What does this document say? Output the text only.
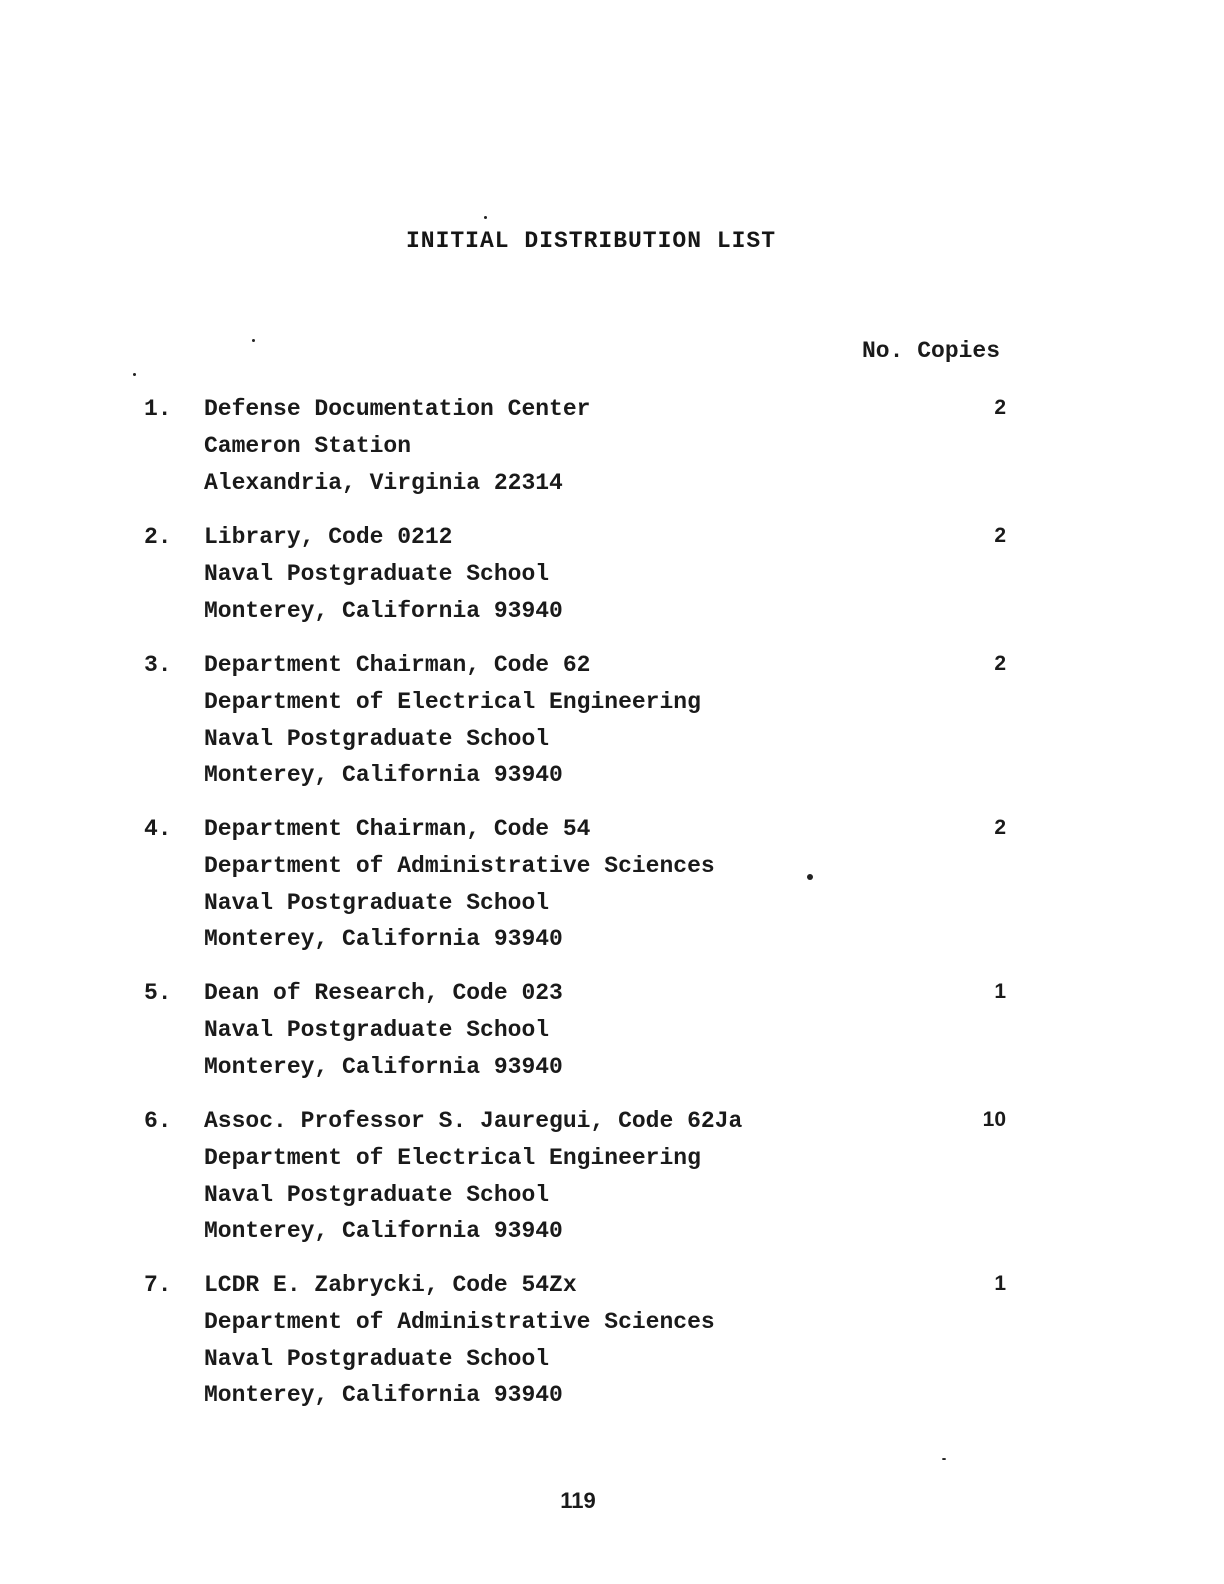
INITIAL DISTRIBUTION LIST
No. Copies
1. Defense Documentation Center
Cameron Station
Alexandria, Virginia 22314
2
2. Library, Code 0212
Naval Postgraduate School
Monterey, California 93940
2
3. Department Chairman, Code 62
Department of Electrical Engineering
Naval Postgraduate School
Monterey, California 93940
2
4. Department Chairman, Code 54
Department of Administrative Sciences
Naval Postgraduate School
Monterey, California 93940
2
5. Dean of Research, Code 023
Naval Postgraduate School
Monterey, California 93940
1
6. Assoc. Professor S. Jauregui, Code 62Ja
Department of Electrical Engineering
Naval Postgraduate School
Monterey, California 93940
10
7. LCDR E. Zabrycki, Code 54Zx
Department of Administrative Sciences
Naval Postgraduate School
Monterey, California 93940
1
119
